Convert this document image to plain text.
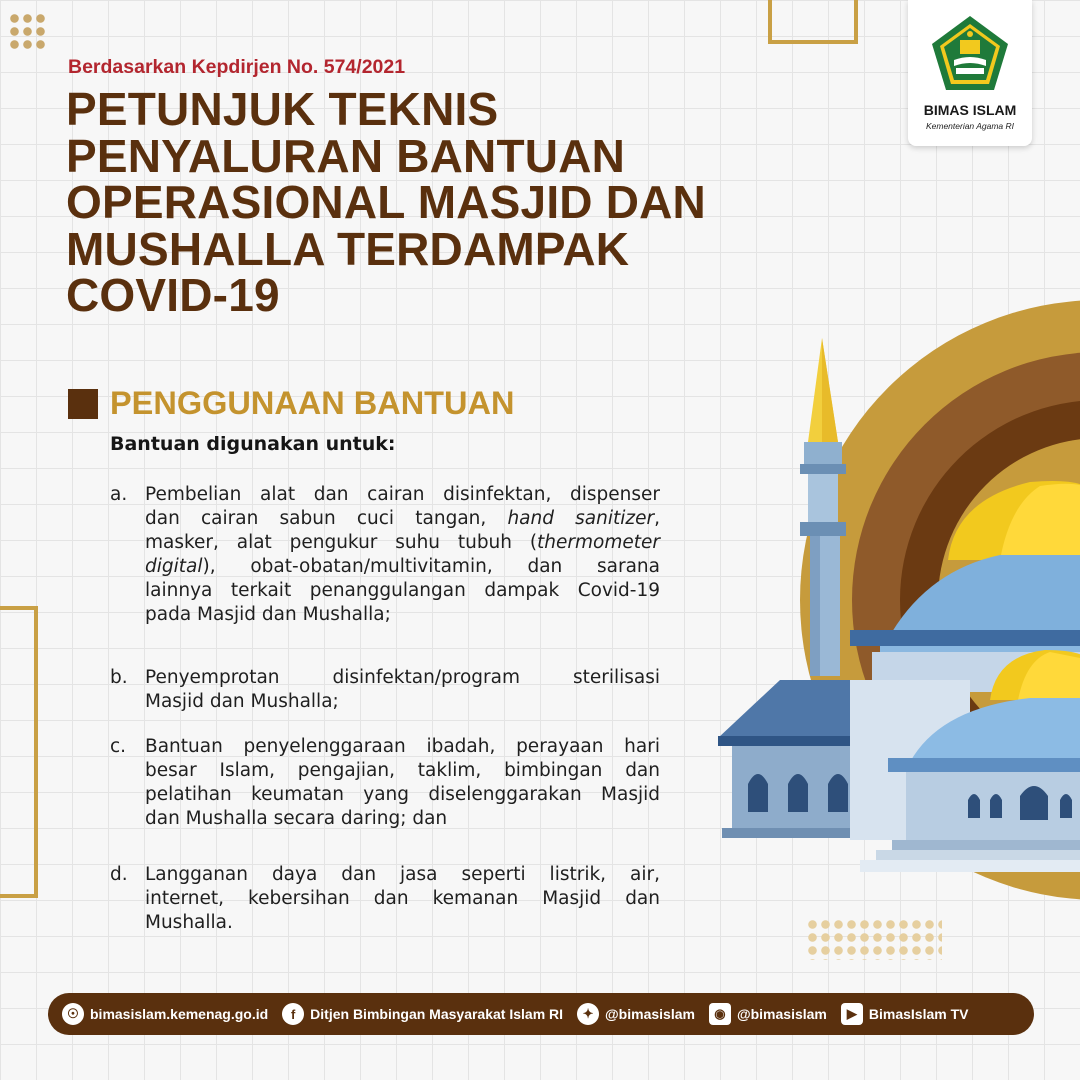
BIMAS ISLAM
Kementerian Agama RI
Berdasarkan Kepdirjen No. 574/2021
PETUNJUK TEKNIS
PENYALURAN BANTUAN
OPERASIONAL MASJID DAN
MUSHALLA TERDAMPAK
COVID-19
PENGGUNAAN BANTUAN
Bantuan digunakan untuk:
a. Pembelian alat dan cairan disinfektan, dispenser
dan cairan sabun cuci tangan, hand sanitizer,
masker, alat pengukur suhu tubuh (thermometer
digital), obat-obatan/multivitamin, dan sarana
lainnya terkait penanggulangan dampak Covid-19
pada Masjid dan Mushalla;
b. Penyemprotan disinfektan/program sterilisasi
Masjid dan Mushalla;
c. Bantuan penyelenggaraan ibadah, perayaan hari
besar Islam, pengajian, taklim, bimbingan dan
pelatihan keumatan yang diselenggarakan Masjid
dan Mushalla secara daring; dan
d. Langganan daya dan jasa seperti listrik, air,
internet, kebersihan dan kemanan Masjid dan
Mushalla.
☉ bimasislam.kemenag.go.id	f	Ditjen Bimbingan Masyarakat Islam RI	✦ @bimasislam	◉ @bimasislam	▶ BimasIslam TV
